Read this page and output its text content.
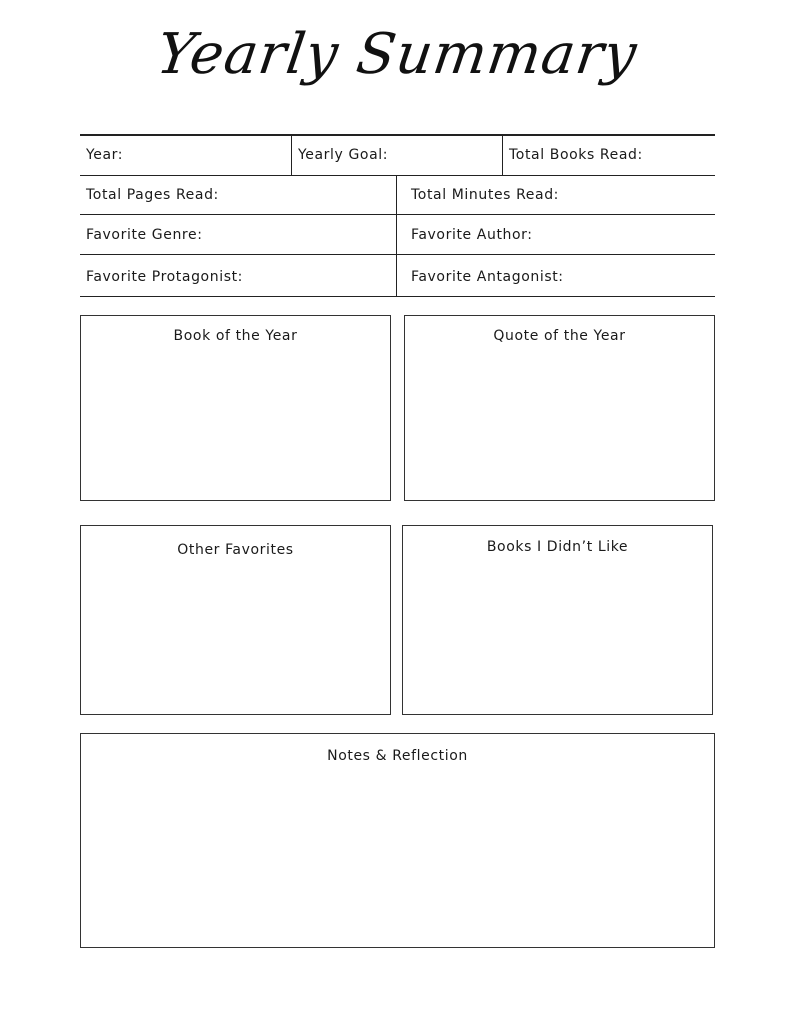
Yearly Summary
Year:	Yearly Goal:	Total Books Read:
Total Pages Read:	Total Minutes Read:
Favorite Genre:	Favorite Author:
Favorite Protagonist:	Favorite Antagonist:
Book of the Year	Quote of the Year
Other Favorites	Books I Didn’t Like
Notes & Reflection
